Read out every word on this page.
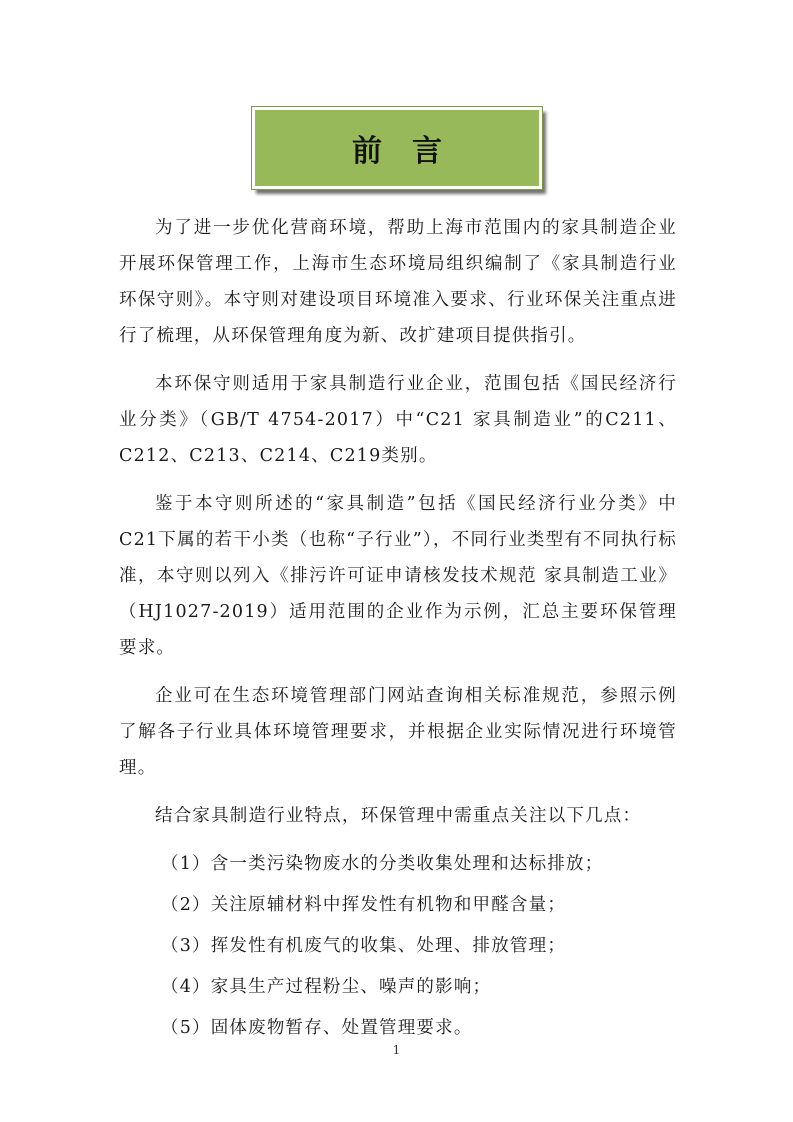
前言

为了进一步优化营商环境，帮助上海市范围内的家具制造企业开展环保管理工作，上海市生态环境局组织编制了《家具制造行业环保守则》。本守则对建设项目环境准入要求、行业环保关注重点进行了梳理，从环保管理角度为新、改扩建项目提供指引。

本环保守则适用于家具制造行业企业，范围包括《国民经济行业分类》（GB/T 4754-2017）中“C21 家具制造业”的C211、C212、C213、C214、C219类别。

鉴于本守则所述的“家具制造”包括《国民经济行业分类》中C21下属的若干小类（也称“子行业”），不同行业类型有不同执行标准，本守则以列入《排污许可证申请核发技术规范 家具制造工业》（HJ1027-2019）适用范围的企业作为示例，汇总主要环保管理要求。

企业可在生态环境管理部门网站查询相关标准规范，参照示例了解各子行业具体环境管理要求，并根据企业实际情况进行环境管理。

结合家具制造行业特点，环保管理中需重点关注以下几点：

（1）含一类污染物废水的分类收集处理和达标排放；

（2）关注原辅材料中挥发性有机物和甲醛含量；

（3）挥发性有机废气的收集、处理、排放管理；

（4）家具生产过程粉尘、噪声的影响；

（5）固体废物暂存、处置管理要求。

1
